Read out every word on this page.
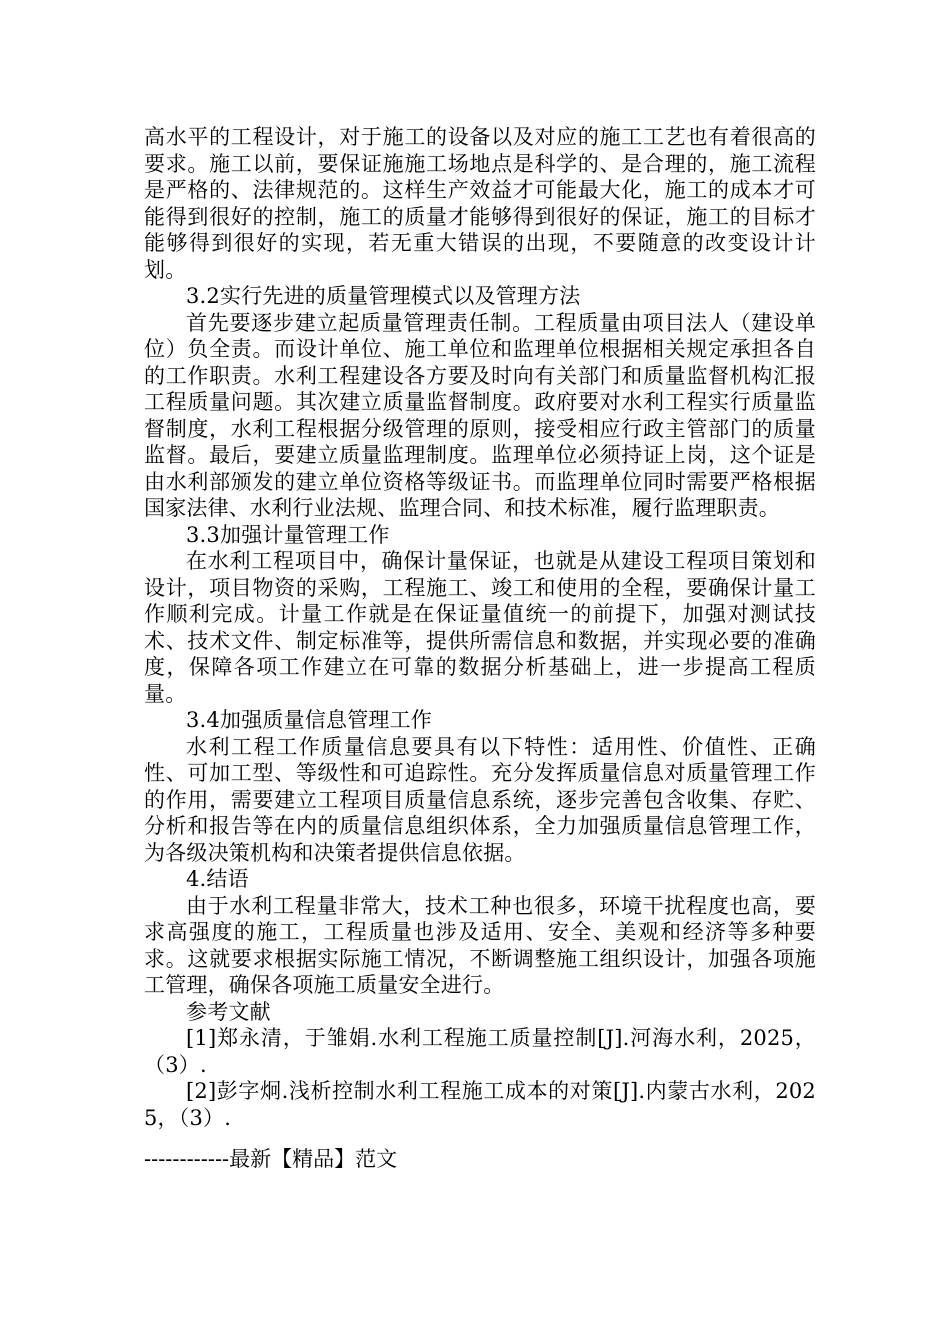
高水平的工程设计，对于施工的设备以及对应的施工工艺也有着很高的要求。施工以前，要保证施施工场地点是科学的、是合理的，施工流程是严格的、法律规范的。这样生产效益才可能最大化，施工的成本才可能得到很好的控制，施工的质量才能够得到很好的保证，施工的目标才能够得到很好的实现，若无重大错误的出现，不要随意的改变设计计划。

3.2实行先进的质量管理模式以及管理方法

首先要逐步建立起质量管理责任制。工程质量由项目法人（建设单位）负全责。而设计单位、施工单位和监理单位根据相关规定承担各自的工作职责。水利工程建设各方要及时向有关部门和质量监督机构汇报工程质量问题。其次建立质量监督制度。政府要对水利工程实行质量监督制度，水利工程根据分级管理的原则，接受相应行政主管部门的质量监督。最后，要建立质量监理制度。监理单位必须持证上岗，这个证是由水利部颁发的建立单位资格等级证书。而监理单位同时需要严格根据国家法律、水利行业法规、监理合同、和技术标准，履行监理职责。

3.3加强计量管理工作

在水利工程项目中，确保计量保证，也就是从建设工程项目策划和设计，项目物资的采购，工程施工、竣工和使用的全程，要确保计量工作顺利完成。计量工作就是在保证量值统一的前提下，加强对测试技术、技术文件、制定标准等，提供所需信息和数据，并实现必要的准确度，保障各项工作建立在可靠的数据分析基础上，进一步提高工程质量。

3.4加强质量信息管理工作

水利工程工作质量信息要具有以下特性：适用性、价值性、正确性、可加工型、等级性和可追踪性。充分发挥质量信息对质量管理工作的作用，需要建立工程项目质量信息系统，逐步完善包含收集、存贮、分析和报告等在内的质量信息组织体系，全力加强质量信息管理工作，为各级决策机构和决策者提供信息依据。

4.结语

由于水利工程量非常大，技术工种也很多，环境干扰程度也高，要求高强度的施工，工程质量也涉及适用、安全、美观和经济等多种要求。这就要求根据实际施工情况，不断调整施工组织设计，加强各项施工管理，确保各项施工质量安全进行。

参考文献

[1]郑永清，于雏娟.水利工程施工质量控制[J].河海水利，2025，（3）.

[2]彭字炯.浅析控制水利工程施工成本的对策[J].内蒙古水利，2025，（3）.

------------最新【精品】范文
